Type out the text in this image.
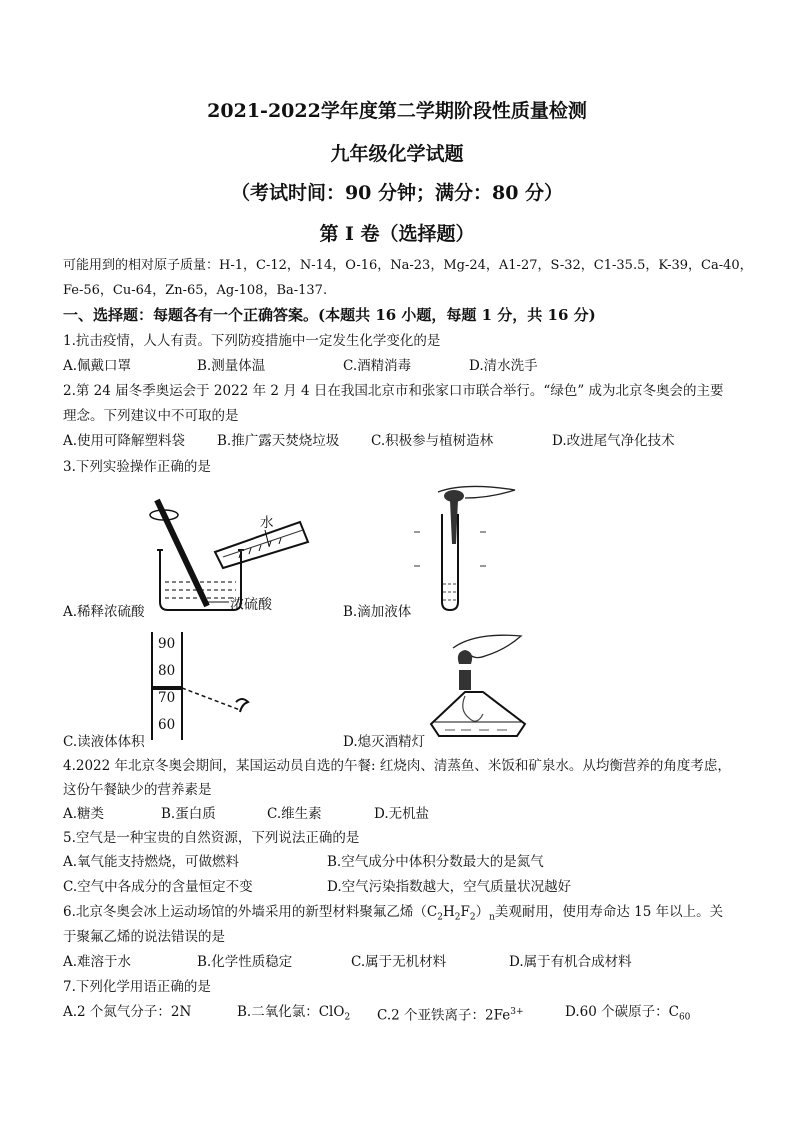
2021-2022学年度第二学期阶段性质量检测
九年级化学试题
（考试时间：90 分钟；满分：80 分）
第 I 卷（选择题）
可能用到的相对原子质量：H-1，C-12，N-14，O-16，Na-23，Mg-24，A1-27，S-32，C1-35.5，K-39，Ca-40，
Fe-56，Cu-64，Zn-65，Ag-108，Ba-137.
一、选择题：每题各有一个正确答案。(本题共 16 小题，每题 1 分，共 16 分)
1.抗击疫情，人人有责。下列防疫措施中一定发生化学变化的是
A.佩戴口罩	B.测量体温	C.酒精消毒	D.清水洗手
2.第 24 届冬季奥运会于 2022 年 2 月 4 日在我国北京市和张家口市联合举行。“绿色” 成为北京冬奥会的主要
理念。下列建议中不可取的是
A.使用可降解塑料袋 B.推广露天焚烧垃圾 C.积极参与植树造林	D.改进尾气净化技术
3.下列实验操作正确的是
水
浓硫酸
A.稀释浓硫酸	B.滴加液体
90
80
70
60
C.读液体体积	D.熄灭酒精灯
4.2022 年北京冬奥会期间，某国运动员自选的午餐: 红烧肉、清蒸鱼、米饭和矿泉水。从均衡营养的角度考虑，
这份午餐缺少的营养素是
A.糖类	B.蛋白质	C.维生素	D.无机盐
5.空气是一种宝贵的自然资源，下列说法正确的是
A.氧气能支持燃烧，可做燃料	B.空气成分中体积分数最大的是氮气
C.空气中各成分的含量恒定不变	D.空气污染指数越大，空气质量状况越好
6.北京冬奥会冰上运动场馆的外墙采用的新型材料聚氟乙烯$(C_2H_2F_2)_n$美观耐用，使用寿命达 15 年以上。关
于聚氟乙烯的说法错误的是
A.难溶于水	B.化学性质稳定	C.属于无机材料	D.属于有机合成材料
7.下列化学用语正确的是
A.2 个氮气分子：2N	B.二氧化氯：ClO$_2$ C.2 个亚铁离子：$2Fe^{3+}$	D.60 个碳原子：$C_{60}$
